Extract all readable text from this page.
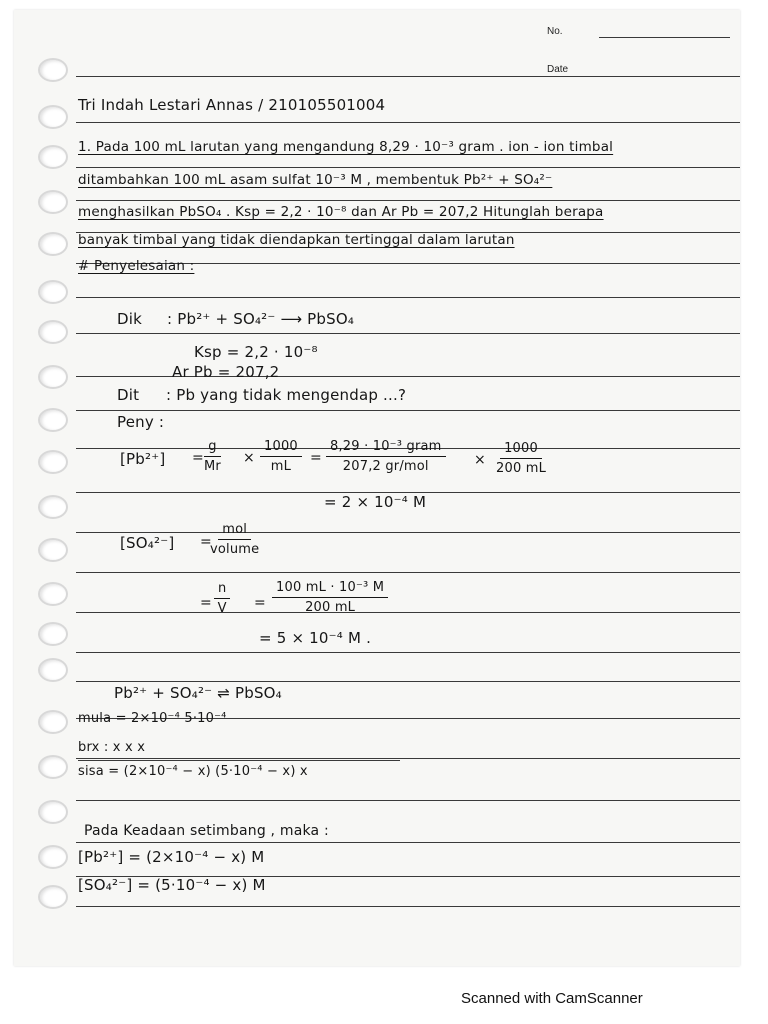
No.
Date
Tri Indah Lestari Annas / 210105501004
1. Pada 100 mL larutan yang mengandung 8,29 · 10⁻³ gram . ion - ion timbal
ditambahkan 100 mL asam sulfat 10⁻³ M , membentuk Pb²⁺ + SO₄²⁻
menghasilkan PbSO₄ . Ksp = 2,2 · 10⁻⁸ dan Ar Pb = 207,2 Hitunglah berapa
banyak timbal yang tidak diendapkan tertinggal dalam larutan
# Penyelesaian :
Dik : Pb²⁺ + SO₄²⁻ ⟶ PbSO₄
Ksp = 2,2 · 10⁻⁸
Ar Pb = 207,2
Dit : Pb yang tidak mengendap ...?
Peny :
$[Pb^{2+}] = \frac{g}{Mr} \times \frac{1000}{mL}$ =
8,29 · 10⁻³ gram
207,2 gr/mol	× $\frac{1000}{200 mL}$
= 2 × 10⁻⁴ M
[SO₄²⁻] =
mol
volume
= $\frac{n}{V} = \frac{\text{100 mL · 10⁻³ M}}{200 mL}$
= 5 × 10⁻⁴ M .
Pb²⁺ + SO₄²⁻ ⇌ PbSO₄
mula = 2×10⁻⁴ 5·10⁻⁴
brx : x x x
sisa = (2×10⁻⁴ − x) (5·10⁻⁴ − x) x
Pada Keadaan setimbang , maka :
[Pb²⁺] = (2×10⁻⁴ − x) M
[SO₄²⁻] = (5·10⁻⁴ − x) M
Scanned with CamScanner
